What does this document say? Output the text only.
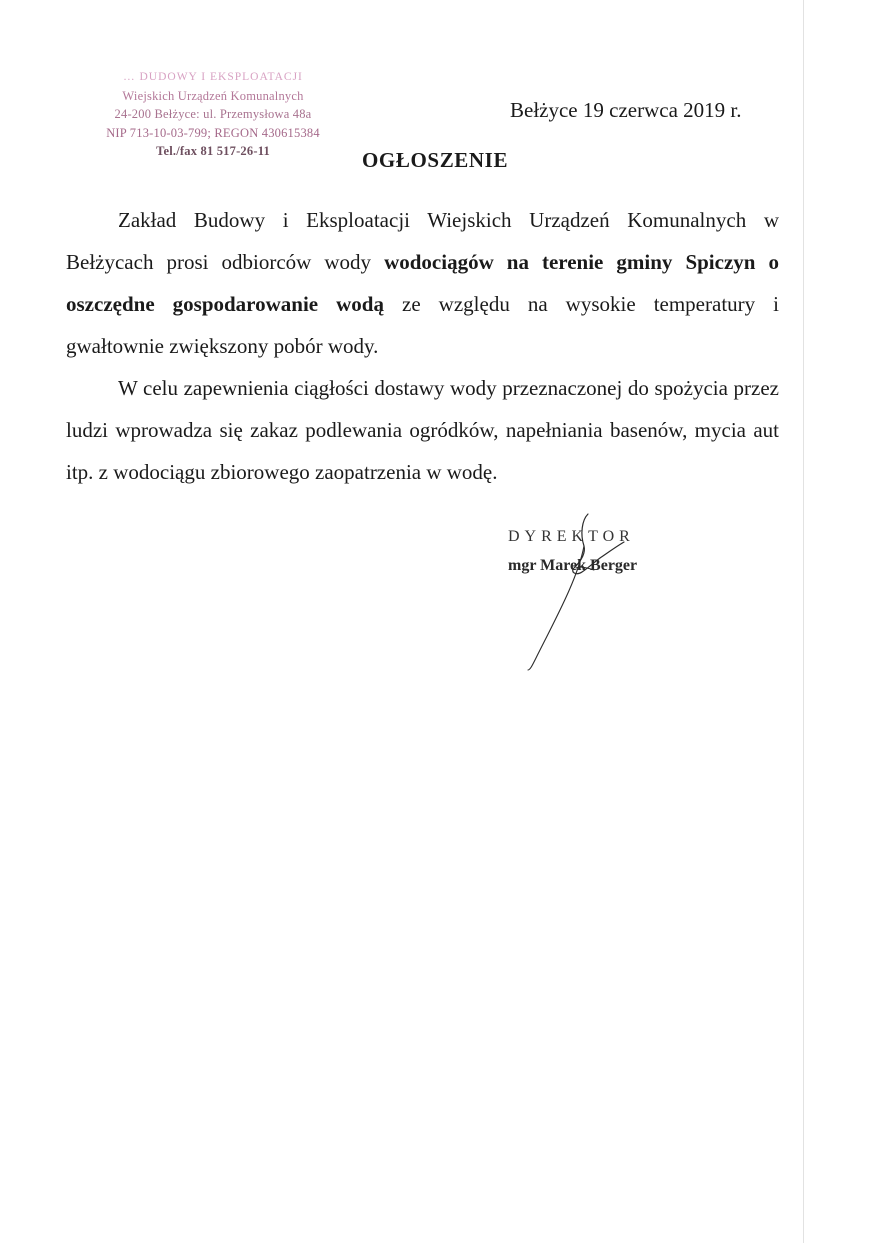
… DUDOWY I EKSPLOATACJI
Wiejskich Urządzeń Komunalnych
24-200 Bełżyce: ul. Przemysłowa 48a
NIP 713-10-03-799; REGON 430615384
Tel./fax 81 517-26-11
Bełżyce 19 czerwca 2019 r.
OGŁOSZENIE

Zakład Budowy i Eksploatacji Wiejskich Urządzeń Komunalnych w Bełżycach prosi odbiorców wody wodociągów na terenie gminy Spiczyn o oszczędne gospodarowanie wodą ze względu na wysokie temperatury i gwałtownie zwiększony pobór wody.

W celu zapewnienia ciągłości dostawy wody przeznaczonej do spożycia przez ludzi wprowadza się zakaz podlewania ogródków, napełniania basenów, mycia aut itp. z wodociągu zbiorowego zaopatrzenia w wodę.

DYREKTOR
mgr Marek Berger
